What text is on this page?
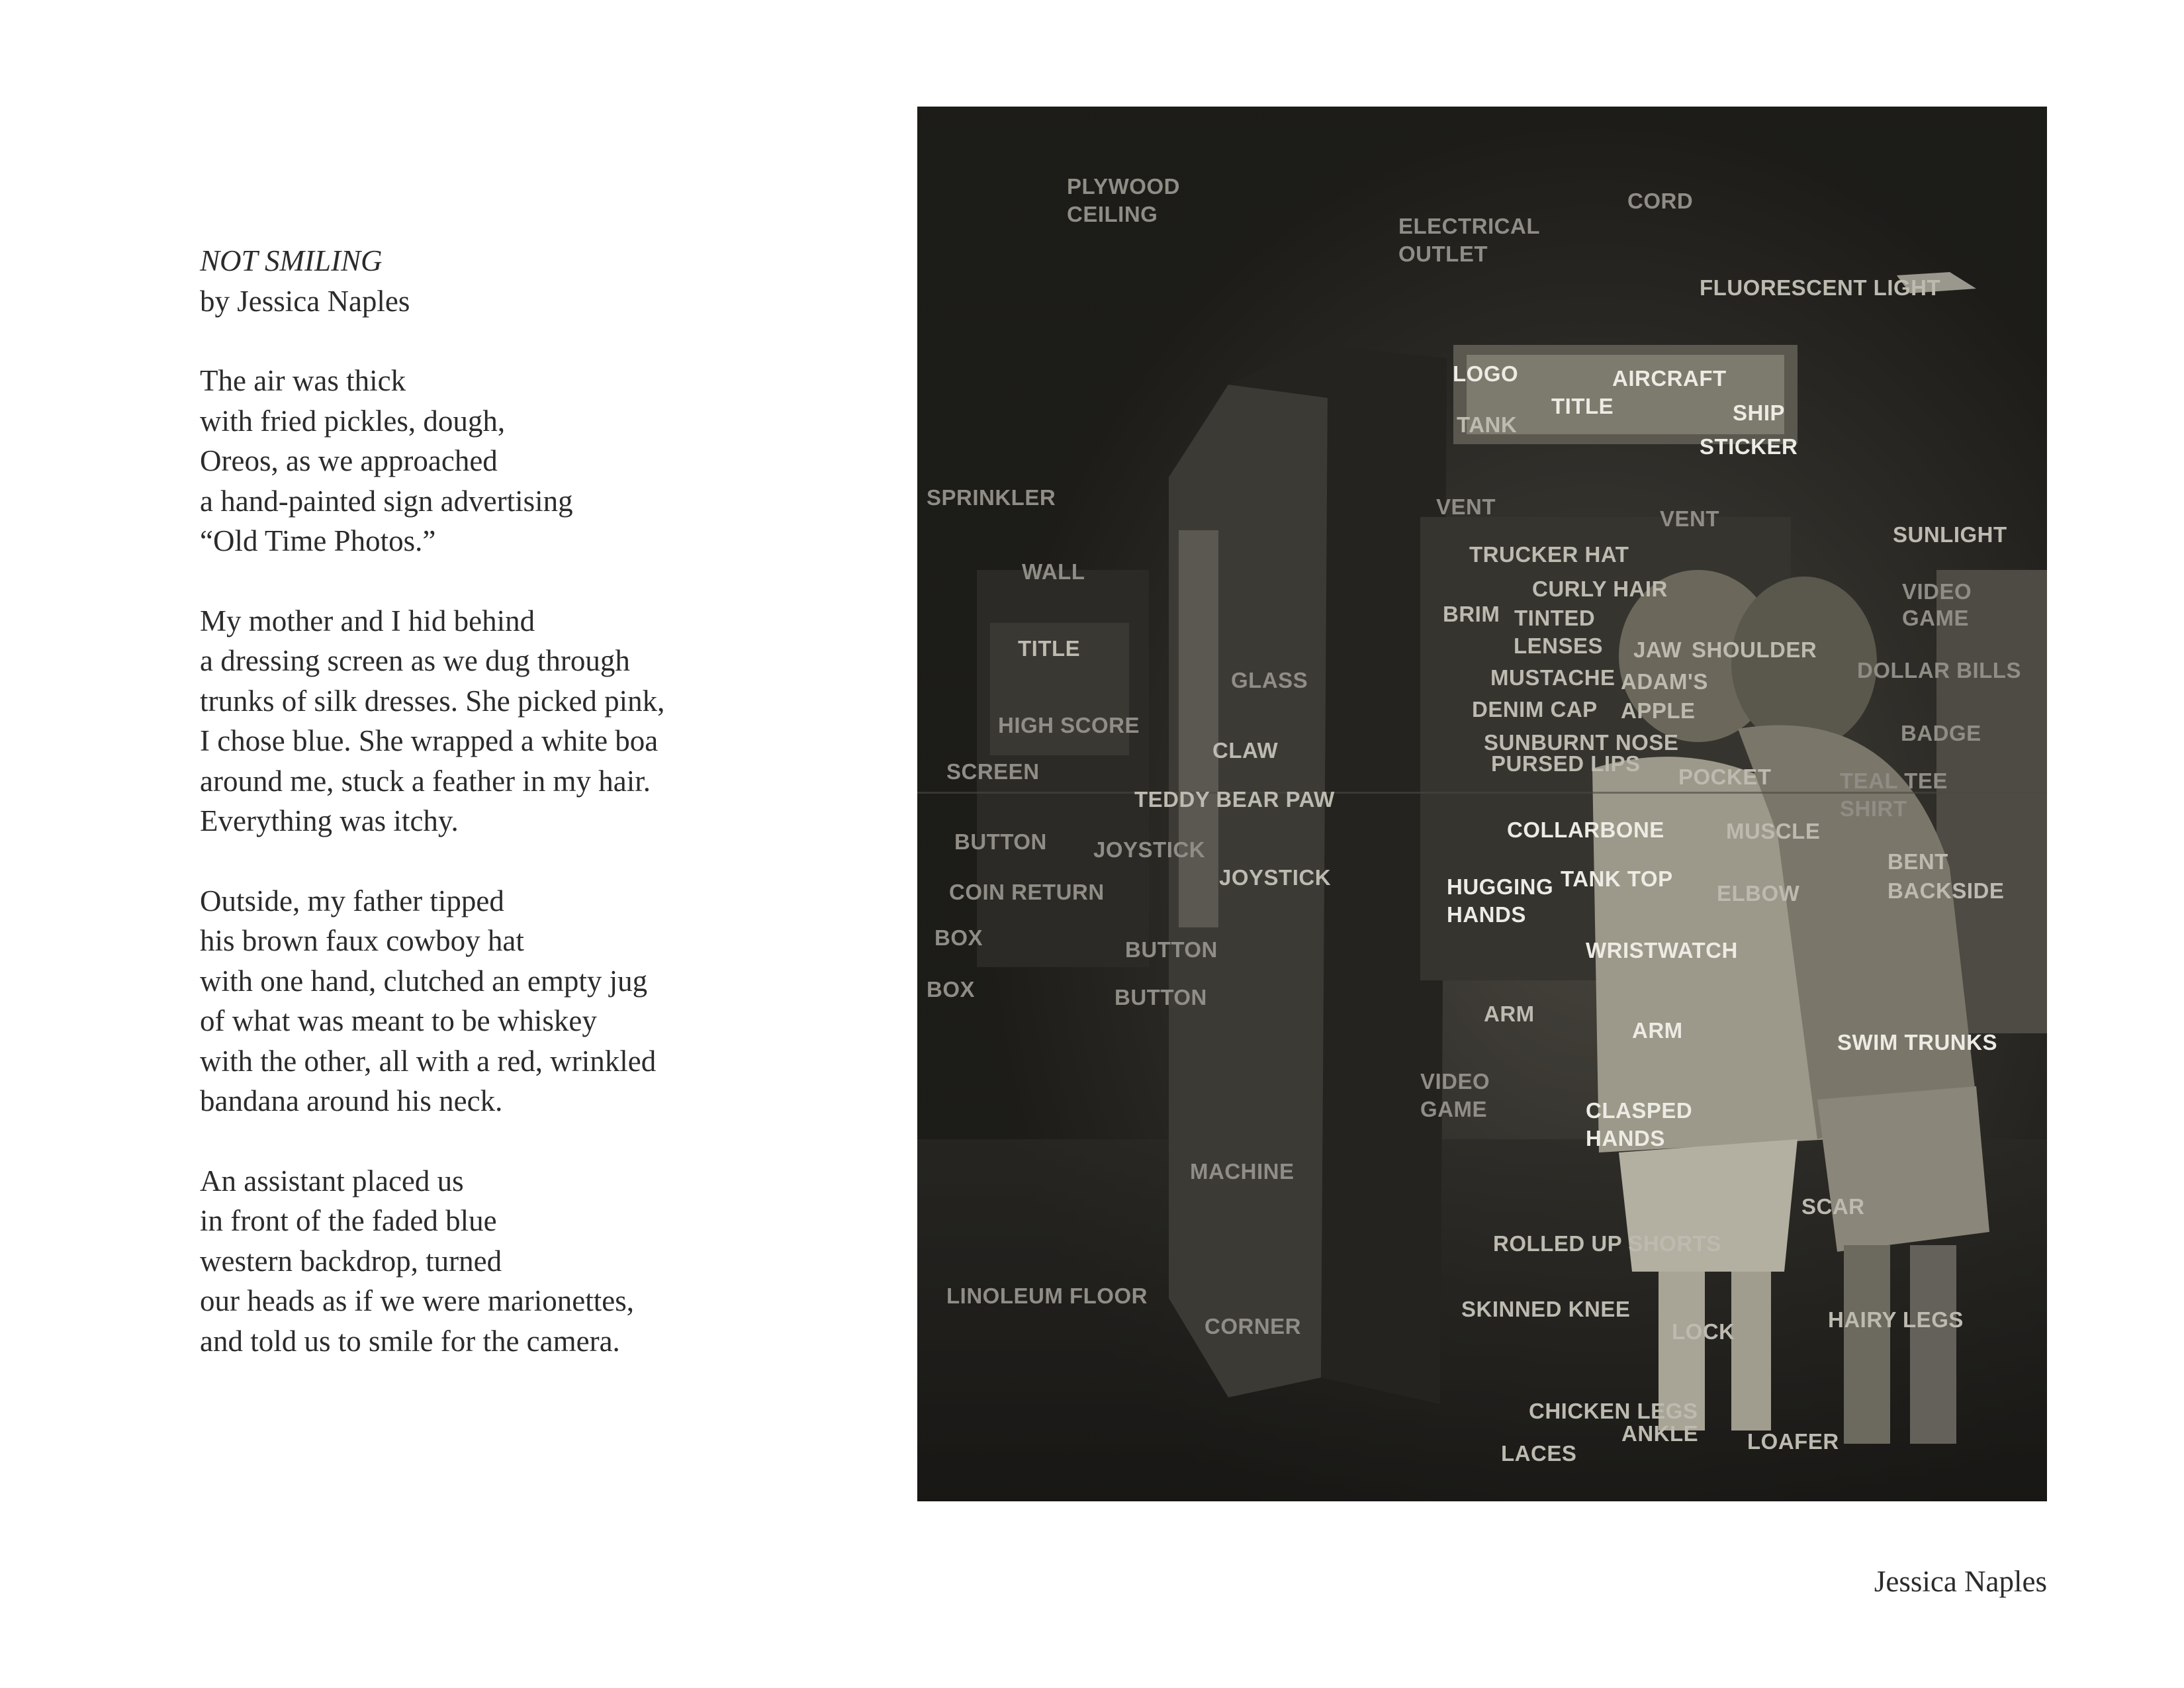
NOT SMILING
by Jessica Naples
The air was thick
with fried pickles, dough,
Oreos, as we approached
a hand-painted sign advertising
“Old Time Photos.”
My mother and I hid behind
a dressing screen as we dug through
trunks of silk dresses. She picked pink,
I chose blue. She wrapped a white boa
around me, stuck a feather in my hair.
Everything was itchy.
Outside, my father tipped
his brown faux cowboy hat
with one hand, clutched an empty jug
of what was meant to be whiskey
with the other, all with a red, wrinkled
bandana around his neck.
An assistant placed us
in front of the faded blue
western backdrop, turned
our heads as if we were marionettes,
and told us to smile for the camera.
PLYWOOD
CEILING
CORD
ELECTRICAL
OUTLET
FLUORESCENT LIGHT
LOGO	AIRCRAFT
TITLE	SHIP
TANK
STICKER
SPRINKLER	VENT	VENT
SUNLIGHT
WALL
TRUCKER HAT
CURLY HAIR	VIDEO
GAME
BRIM TINTED
LENSES JAW SHOULDER
TITLE
DOLLAR BILLS
GLASS	MUSTACHE ADAM'S
DENIM CAP APPLE
HIGH SCORE	BADGE
SUNBURNT NOSE
CLAW
PURSED LIPS
SCREEN	POCKET	TEAL TEE
TEDDY BEAR PAW	SHIRT
BUTTON	COLLARBONE	MUSCLE
JOYSTICK	BENT
JOYSTICK	TANK TOP	BACKSIDE
COIN RETURN	HUGGING	ELBOW
HANDS
BOX	BUTTON	WRISTWATCH
BOX	BUTTON
ARM
ARM	SWIM TRUNKS
VIDEO
GAME	CLASPED
HANDS
MACHINE
SCAR
ROLLED UP SHORTS
LINOLEUM FLOOR
SKINNED KNEE	HAIRY LEGS
CORNER	LOCK
CHICKEN LEGS
ANKLE LOAFER
LACES
Jessica Naples
